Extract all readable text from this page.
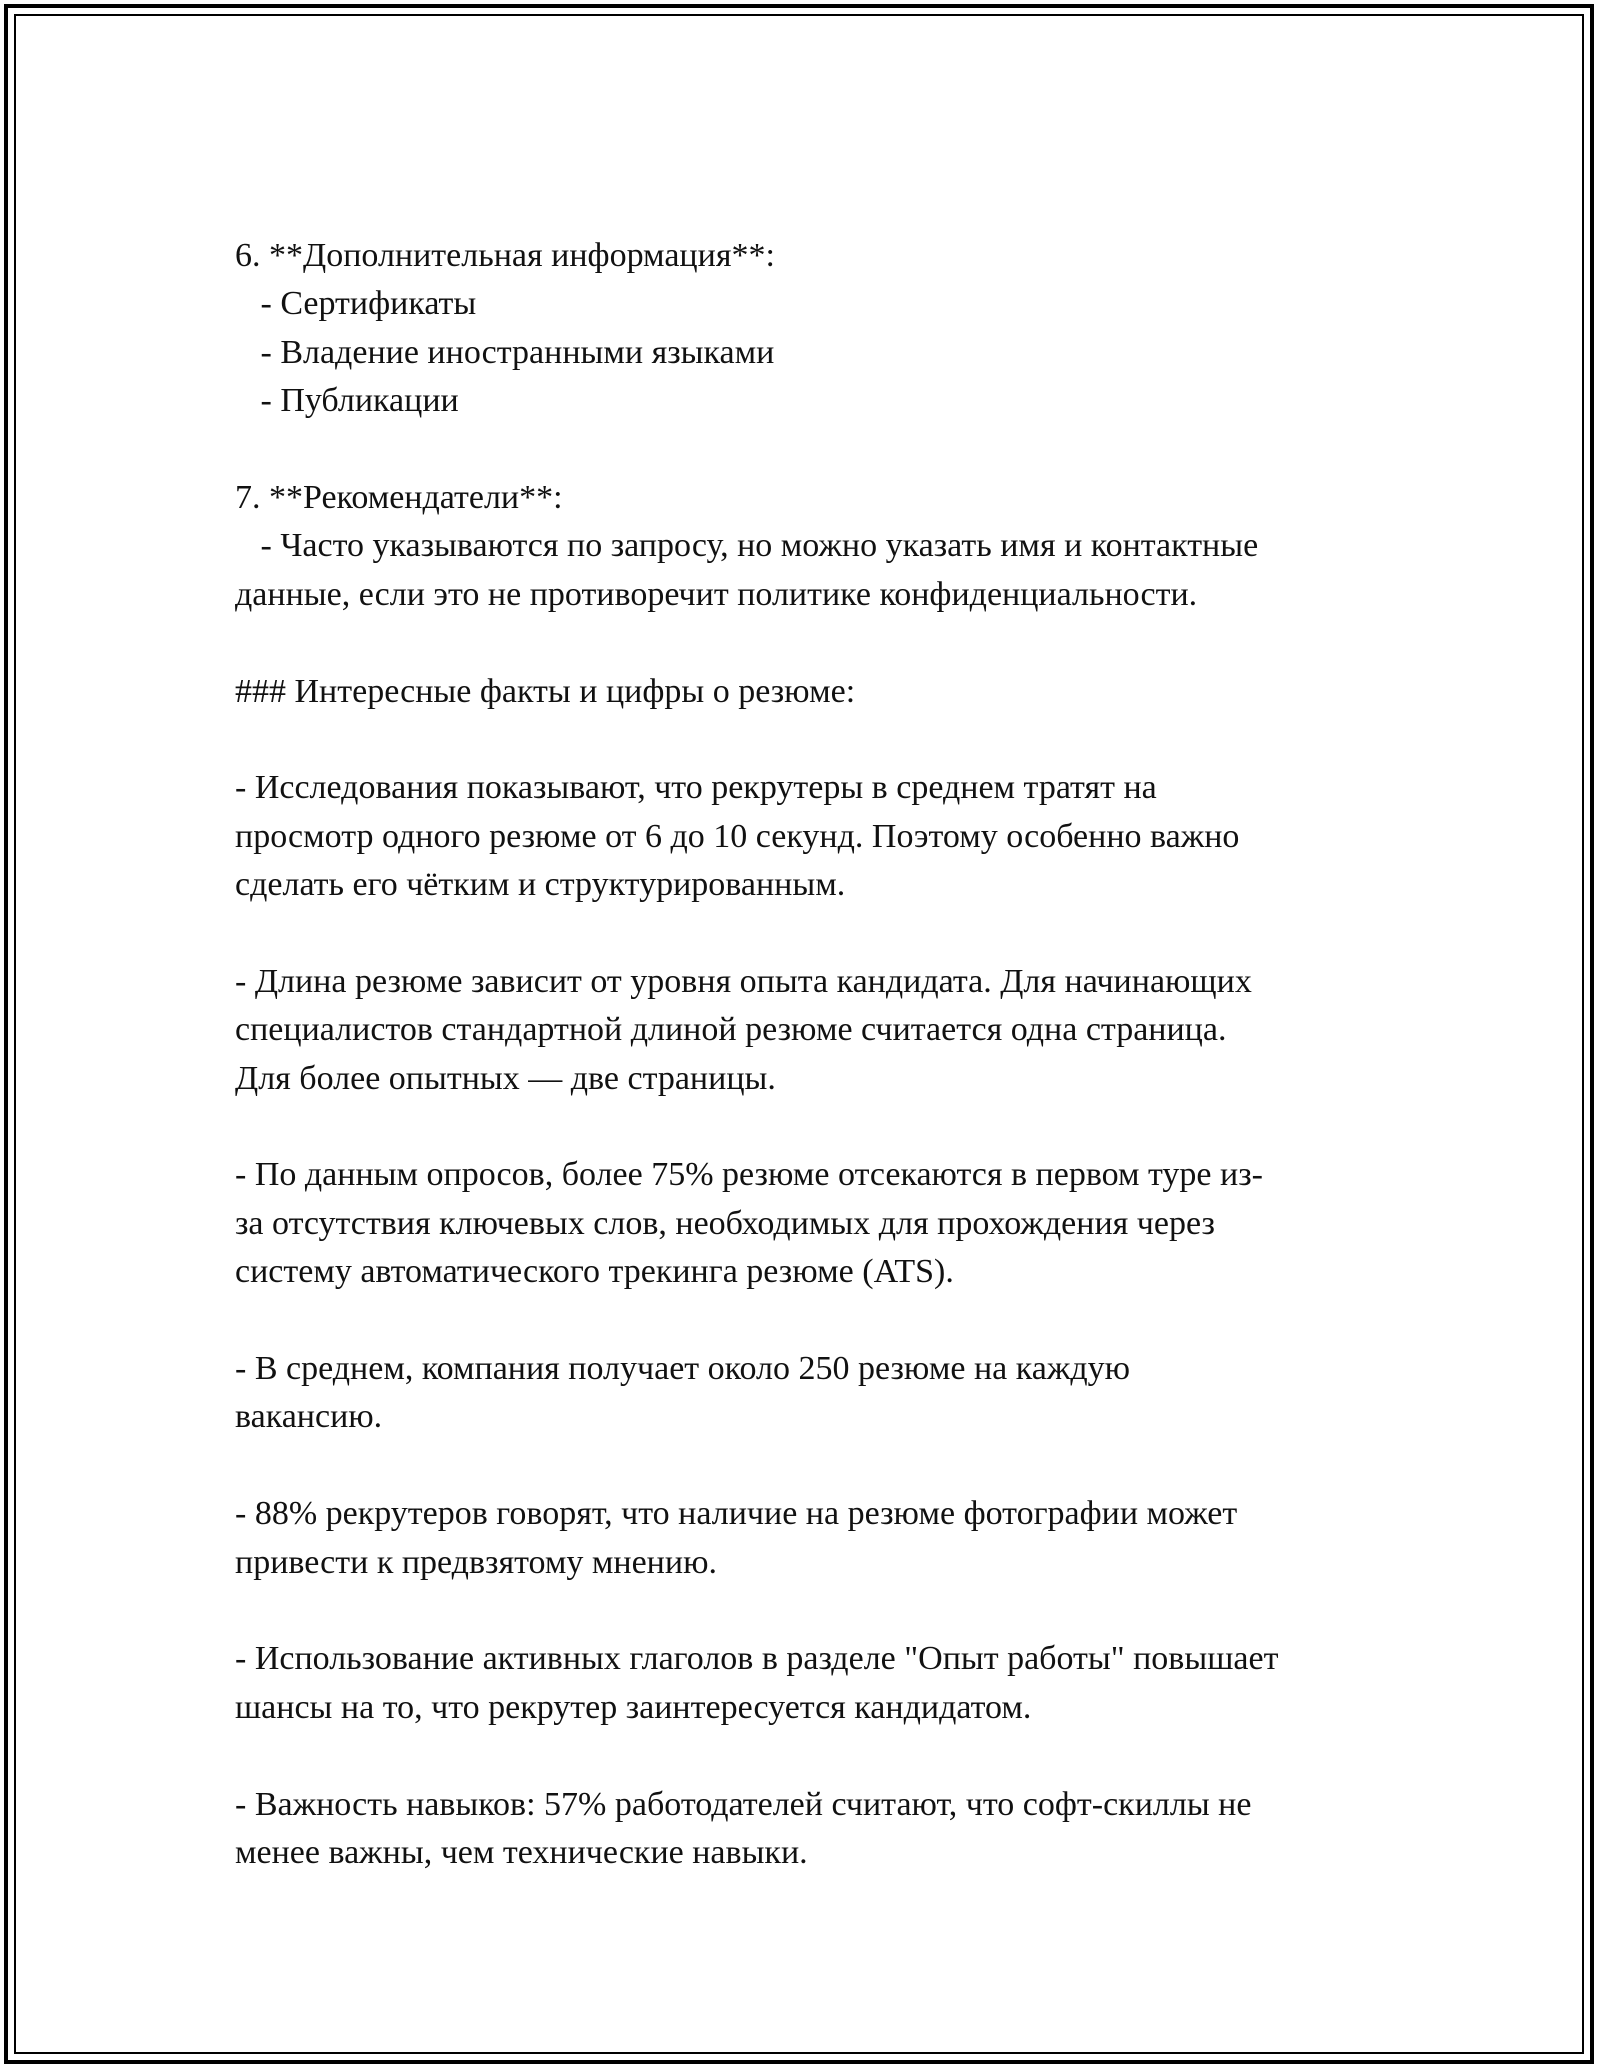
6. **Дополнительная информация**:
- Сертификаты
- Владение иностранными языками
- Публикации
7. **Рекомендатели**:
- Часто указываются по запросу, но можно указать имя и контактные
данные, если это не противоречит политике конфиденциальности.
### Интересные факты и цифры о резюме:
- Исследования показывают, что рекрутеры в среднем тратят на
просмотр одного резюме от 6 до 10 секунд. Поэтому особенно важно
сделать его чётким и структурированным.
- Длина резюме зависит от уровня опыта кандидата. Для начинающих
специалистов стандартной длиной резюме считается одна страница.
Для более опытных — две страницы.
- По данным опросов, более 75% резюме отсекаются в первом туре из-
за отсутствия ключевых слов, необходимых для прохождения через
систему автоматического трекинга резюме (ATS).
- В среднем, компания получает около 250 резюме на каждую
вакансию.
- 88% рекрутеров говорят, что наличие на резюме фотографии может
привести к предвзятому мнению.
- Использование активных глаголов в разделе "Опыт работы" повышает
шансы на то, что рекрутер заинтересуется кандидатом.
- Важность навыков: 57% работодателей считают, что софт-скиллы не
менее важны, чем технические навыки.
